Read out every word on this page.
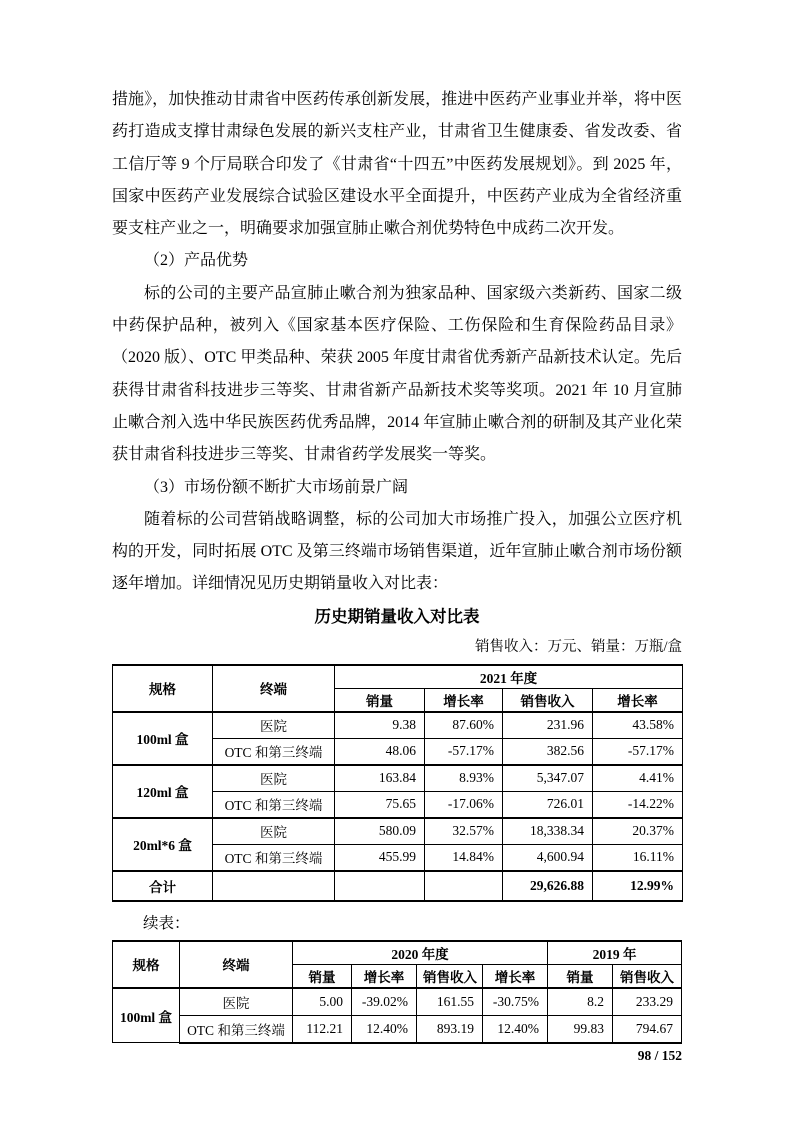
措施》，加快推动甘肃省中医药传承创新发展，推进中医药产业事业并举，将中医药打造成支撑甘肃绿色发展的新兴支柱产业，甘肃省卫生健康委、省发改委、省工信厅等 9 个厅局联合印发了《甘肃省“十四五”中医药发展规划》。到 2025 年，国家中医药产业发展综合试验区建设水平全面提升，中医药产业成为全省经济重要支柱产业之一，明确要求加强宣肺止嗽合剂优势特色中成药二次开发。

（2）产品优势

标的公司的主要产品宣肺止嗽合剂为独家品种、国家级六类新药、国家二级中药保护品种，被列入《国家基本医疗保险、工伤保险和生育保险药品目录》（2020 版）、OTC 甲类品种、荣获 2005 年度甘肃省优秀新产品新技术认定。先后获得甘肃省科技进步三等奖、甘肃省新产品新技术奖等奖项。2021 年 10 月宣肺止嗽合剂入选中华民族医药优秀品牌，2014 年宣肺止嗽合剂的研制及其产业化荣获甘肃省科技进步三等奖、甘肃省药学发展奖一等奖。

（3）市场份额不断扩大市场前景广阔

随着标的公司营销战略调整，标的公司加大市场推广投入，加强公立医疗机构的开发，同时拓展 OTC 及第三终端市场销售渠道，近年宣肺止嗽合剂市场份额逐年增加。详细情况见历史期销量收入对比表：

历史期销量收入对比表
销售收入：万元、销量：万瓶/盒
规格	终端	2021 年度			
		销量	增长率	销售收入	增长率
100ml 盒	医院	9.38	87.60%	231.96	43.58%
	OTC 和第三终端	48.06	-57.17%	382.56	-57.17%
120ml 盒	医院	163.84	8.93%	5,347.07	4.41%
	OTC 和第三终端	75.65	-17.06%	726.01	-14.22%
20ml*6 盒	医院	580.09	32.57%	18,338.34	20.37%
	OTC 和第三终端	455.99	14.84%	4,600.94	16.11%
合计				29,626.88	12.99%

续表：

规格	终端	2020 年度				2019 年	
		销量	增长率	销售收入	增长率	销量	销售收入
100ml 盒	医院	5.00	-39.02%	161.55	-30.75%	8.2	233.29
	OTC 和第三终端	112.21	12.40%	893.19	12.40%	99.83	794.67
98 / 152
